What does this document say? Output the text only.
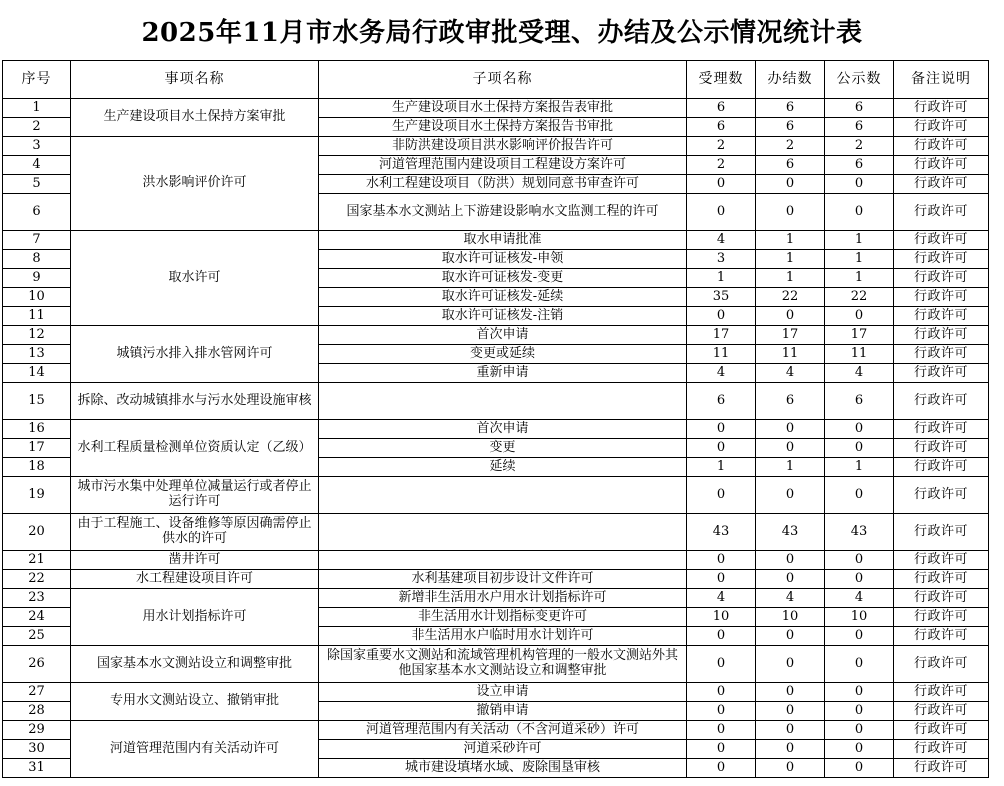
2025年11月市水务局行政审批受理、办结及公示情况统计表
序号	事项名称	子项名称	受理数	办结数	公示数	备注说明
1	生产建设项目水土保持方案审批	生产建设项目水土保持方案报告表审批	6	6	6	行政许可
2		生产建设项目水土保持方案报告书审批	6	6	6	行政许可
3	洪水影响评价许可	非防洪建设项目洪水影响评价报告许可	2	2	2	行政许可
4		河道管理范围内建设项目工程建设方案许可	2	6	6	行政许可
5		水利工程建设项目（防洪）规划同意书审查许可	0	0	0	行政许可
6		国家基本水文测站上下游建设影响水文监测工程的许可	0	0	0	行政许可
7	取水许可	取水申请批准	4	1	1	行政许可
8		取水许可证核发-申领	3	1	1	行政许可
9		取水许可证核发-变更	1	1	1	行政许可
10		取水许可证核发-延续	35	22	22	行政许可
11		取水许可证核发-注销	0	0	0	行政许可
12	城镇污水排入排水管网许可	首次申请	17	17	17	行政许可
13		变更或延续	11	11	11	行政许可
14		重新申请	4	4	4	行政许可
15	拆除、改动城镇排水与污水处理设施审核		6	6	6	行政许可
16	水利工程质量检测单位资质认定（乙级）	首次申请	0	0	0	行政许可
17		变更	0	0	0	行政许可
18		延续	1	1	1	行政许可
19	城市污水集中处理单位减量运行或者停止运行许可		0	0	0	行政许可
20	由于工程施工、设备维修等原因确需停止供水的许可		43	43	43	行政许可
21	凿井许可		0	0	0	行政许可
22	水工程建设项目许可	水利基建项目初步设计文件许可	0	0	0	行政许可
23	用水计划指标许可	新增非生活用水户用水计划指标许可	4	4	4	行政许可
24		非生活用水计划指标变更许可	10	10	10	行政许可
25		非生活用水户临时用水计划许可	0	0	0	行政许可
26	国家基本水文测站设立和调整审批	除国家重要水文测站和流域管理机构管理的一般水文测站外其他国家基本水文测站设立和调整审批	0	0	0	行政许可
27	专用水文测站设立、撤销审批	设立申请	0	0	0	行政许可
28		撤销申请	0	0	0	行政许可
29	河道管理范围内有关活动许可	河道管理范围内有关活动（不含河道采砂）许可	0	0	0	行政许可
30		河道采砂许可	0	0	0	行政许可
31		城市建设填堵水域、废除围垦审核	0	0	0	行政许可
